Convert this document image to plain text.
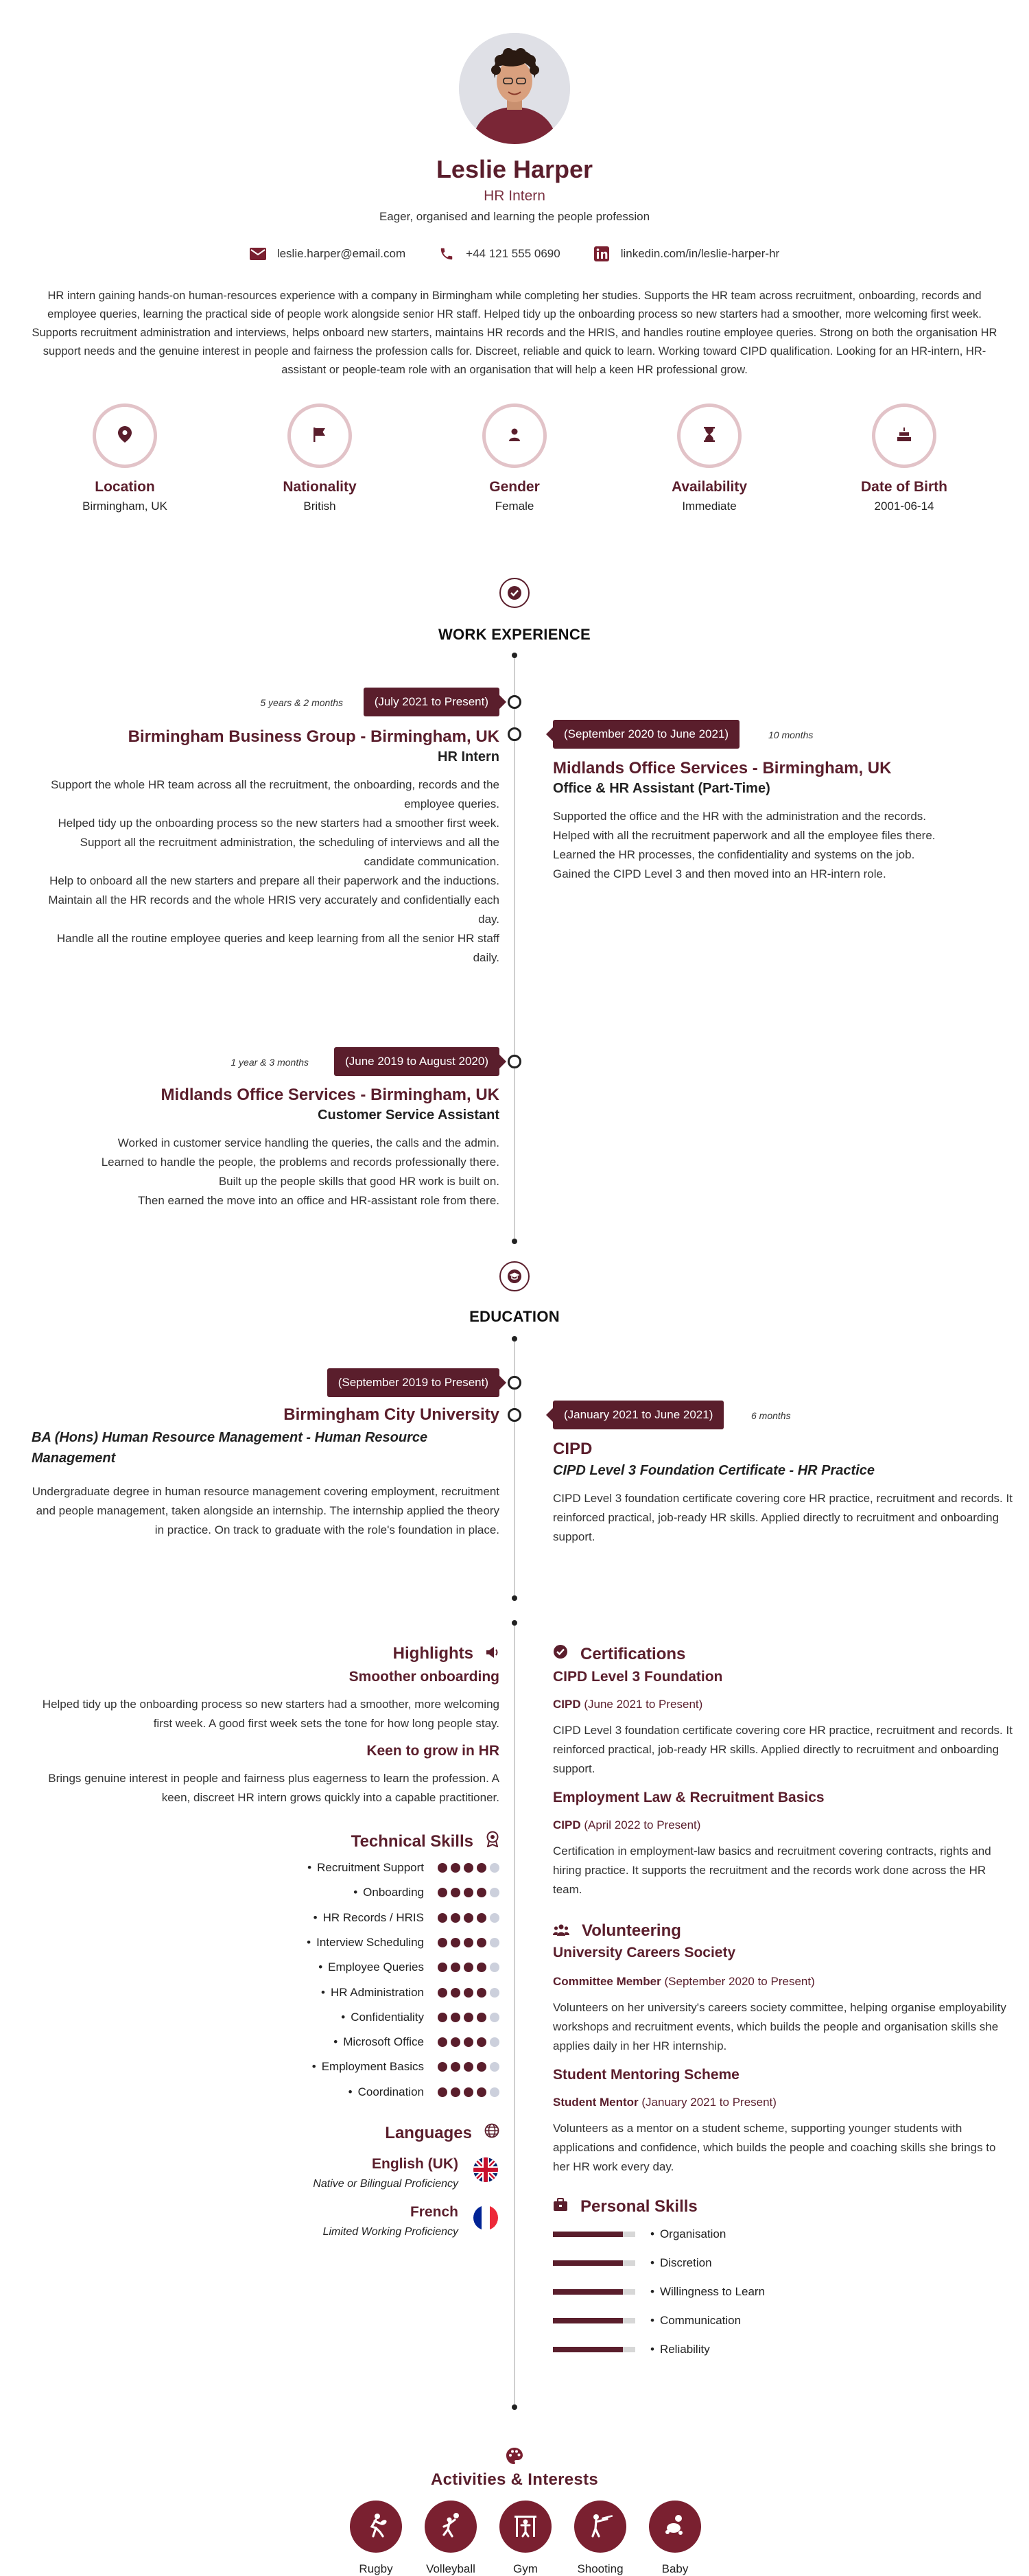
Leslie Harper
HR Intern
Eager, organised and learning the people profession
leslie.harper@email.com	+44 121 555 0690	linkedin.com/in/leslie-harper-hr
HR intern gaining hands-on human-resources experience with a company in Birmingham while completing her studies. Supports the HR team across recruitment, onboarding, records and employee queries, learning the practical side of people work alongside senior HR staff. Helped tidy up the onboarding process so new starters had a smoother, more welcoming first week. Supports recruitment administration and interviews, helps onboard new starters, maintains HR records and the HRIS, and handles routine employee queries. Strong on both the organisation HR support needs and the genuine interest in people and fairness the profession calls for. Discreet, reliable and quick to learn. Working toward CIPD qualification. Looking for an HR-intern, HR-assistant or people-team role with an organisation that will help a keen HR professional grow.
Location
Birmingham, UK
Nationality
British
Gender
Female
Availability
Immediate
Date of Birth
2001-06-14
WORK EXPERIENCE
5 years & 2 months	(July 2021 to Present)
Birmingham Business Group - Birmingham, UK
HR Intern
Support the whole HR team across all the recruitment, the onboarding, records and the employee queries.
Helped tidy up the onboarding process so the new starters had a smoother first week.
Support all the recruitment administration, the scheduling of interviews and all the candidate communication.
Help to onboard all the new starters and prepare all their paperwork and the inductions.
Maintain all the HR records and the whole HRIS very accurately and confidentially each day.
Handle all the routine employee queries and keep learning from all the senior HR staff daily.
(September 2020 to June 2021)	10 months
Midlands Office Services - Birmingham, UK
Office & HR Assistant (Part-Time)
Supported the office and the HR with the administration and the records.
Helped with all the recruitment paperwork and all the employee files there.
Learned the HR processes, the confidentiality and systems on the job.
Gained the CIPD Level 3 and then moved into an HR-intern role.
1 year & 3 months	(June 2019 to August 2020)
Midlands Office Services - Birmingham, UK
Customer Service Assistant
Worked in customer service handling the queries, the calls and the admin.
Learned to handle the people, the problems and records professionally there.
Built up the people skills that good HR work is built on.
Then earned the move into an office and HR-assistant role from there.
EDUCATION
(September 2019 to Present)
Birmingham City University
BA (Hons) Human Resource Management - Human Resource Management
Undergraduate degree in human resource management covering employment, recruitment and people management, taken alongside an internship. The internship applied the theory in practice. On track to graduate with the role's foundation in place.
(January 2021 to June 2021)	6 months
CIPD
CIPD Level 3 Foundation Certificate - HR Practice
CIPD Level 3 foundation certificate covering core HR practice, recruitment and records. It reinforced practical, job-ready HR skills. Applied directly to recruitment and onboarding support.
Highlights
Smoother onboarding
Helped tidy up the onboarding process so new starters had a smoother, more welcoming first week. A good first week sets the tone for how long people stay.
Keen to grow in HR
Brings genuine interest in people and fairness plus eagerness to learn the profession. A keen, discreet HR intern grows quickly into a capable practitioner.
Technical Skills
• Recruitment Support
• Onboarding
• HR Records / HRIS
• Interview Scheduling
• Employee Queries
• HR Administration
• Confidentiality
• Microsoft Office
• Employment Basics
• Coordination
Languages
English (UK)
Native or Bilingual Proficiency
French
Limited Working Proficiency
Certifications
CIPD Level 3 Foundation
CIPD (June 2021 to Present)
CIPD Level 3 foundation certificate covering core HR practice, recruitment and records. It reinforced practical, job-ready HR skills. Applied directly to recruitment and onboarding support.
Employment Law & Recruitment Basics
CIPD (April 2022 to Present)
Certification in employment-law basics and recruitment covering contracts, rights and hiring practice. It supports the recruitment and the records work done across the HR team.
Volunteering
University Careers Society
Committee Member (September 2020 to Present)
Volunteers on her university's careers society committee, helping organise employability workshops and recruitment events, which builds the people and organisation skills she applies daily in her HR internship.
Student Mentoring Scheme
Student Mentor (January 2021 to Present)
Volunteers as a mentor on a student scheme, supporting younger students with applications and confidence, which builds the people and coaching skills she brings to her HR work every day.
Personal Skills
• Organisation
• Discretion
• Willingness to Learn
• Communication
• Reliability
Activities & Interests
Rugby	Volleyball	Gym	Shooting	Baby
